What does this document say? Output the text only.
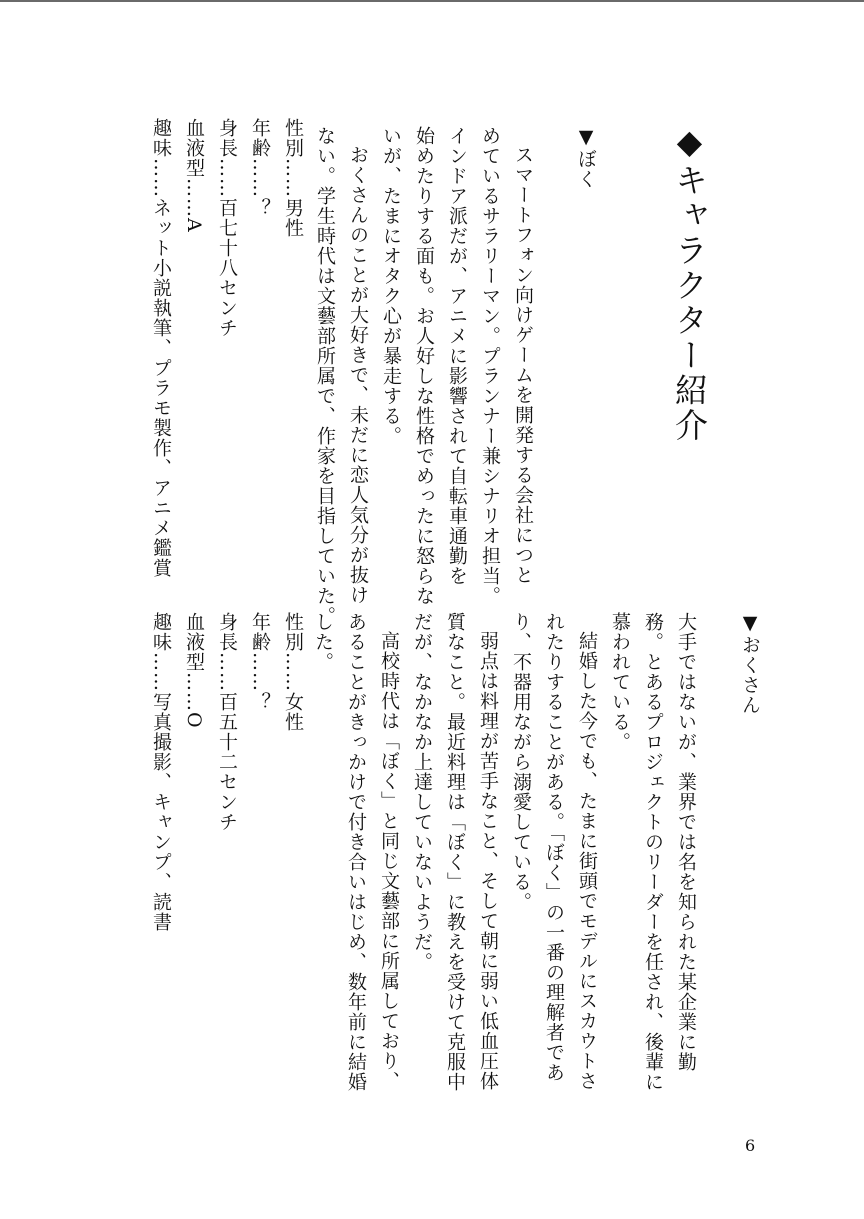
◆キャラクター紹介
▼ぼく
スマートフォン向けゲームを開発する会社につと
めているサラリーマン。プランナー兼シナリオ担当。
インドア派だが、アニメに影響されて自転車通勤を
始めたりする面も。お人好しな性格でめったに怒らな
いが、たまにオタク心が暴走する。
おくさんのことが大好きで、未だに恋人気分が抜け
ない。学生時代は文藝部所属で、作家を目指していた。
性別……男性
年齢……？
身長……百七十八センチ
血液型……A
趣味……ネット小説執筆、プラモ製作、アニメ鑑賞
▼おくさん
大手ではないが、業界では名を知られた某企業に勤
務。とあるプロジェクトのリーダーを任され、後輩に
慕われている。
結婚した今でも、たまに街頭でモデルにスカウトさ
れたりすることがある。「ぼく」の一番の理解者であ
り、不器用ながら溺愛している。
弱点は料理が苦手なこと、そして朝に弱い低血圧体
質なこと。最近料理は「ぼく」に教えを受けて克服中
だが、なかなか上達していないようだ。
高校時代は「ぼく」と同じ文藝部に所属しており、
あることがきっかけで付き合いはじめ、数年前に結婚
した。
性別……女性
年齢……？
身長……百五十二センチ
血液型……O
趣味……写真撮影、キャンプ、読書
6
